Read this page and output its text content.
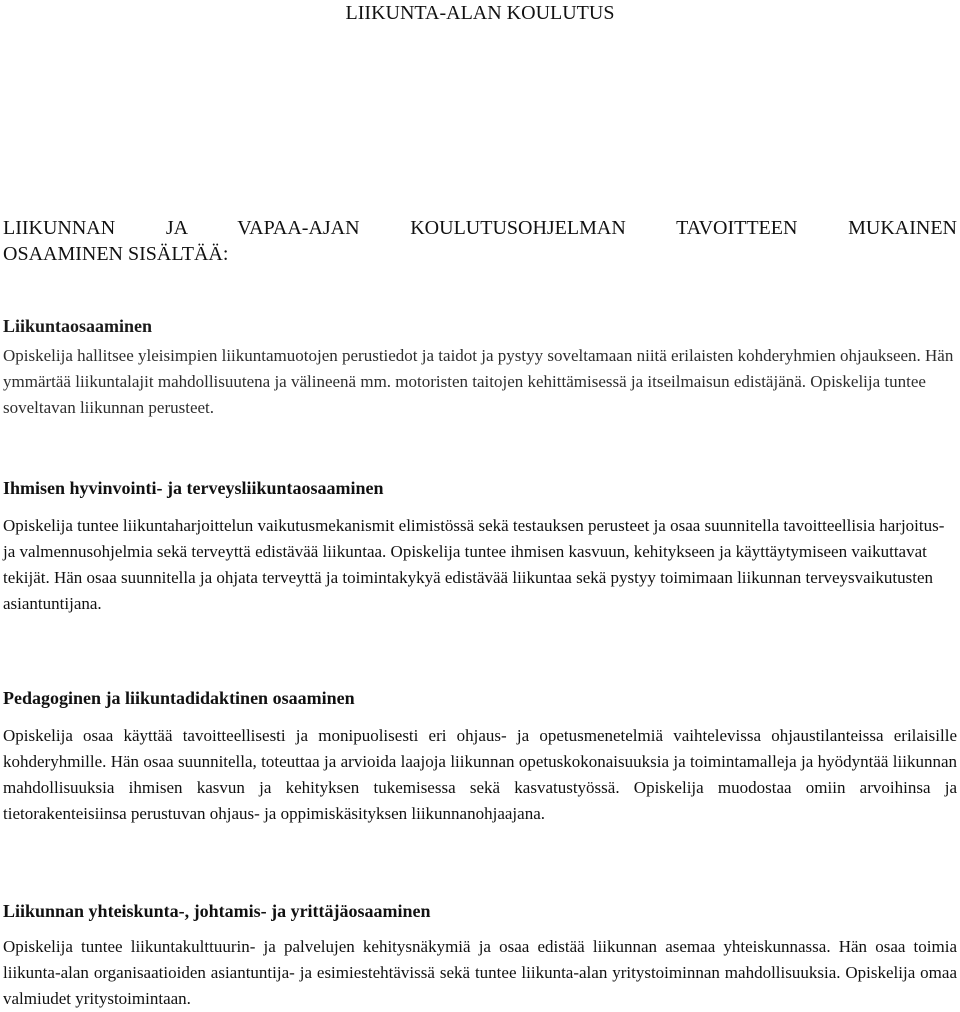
LIIKUNTA-ALAN KOULUTUS
LIIKUNNAN JA VAPAA-AJAN KOULUTUSOHJELMAN TAVOITTEEN MUKAINEN
OSAAMINEN SISÄLTÄÄ:
Liikuntaosaaminen

Opiskelija hallitsee yleisimpien liikuntamuotojen perustiedot ja taidot ja pystyy soveltamaan niitä erilaisten kohderyhmien ohjaukseen. Hän ymmärtää liikuntalajit mahdollisuutena ja välineenä mm. motoristen taitojen kehittämisessä ja itseilmaisun edistäjänä. Opiskelija tuntee soveltavan liikunnan perusteet.

Ihmisen hyvinvointi- ja terveysliikuntaosaaminen

Opiskelija tuntee liikuntaharjoittelun vaikutusmekanismit elimistössä sekä testauksen perusteet ja osaa suunnitella tavoitteellisia harjoitus- ja valmennusohjelmia sekä terveyttä edistävää liikuntaa. Opiskelija tuntee ihmisen kasvuun, kehitykseen ja käyttäytymiseen vaikuttavat tekijät. Hän osaa suunnitella ja ohjata terveyttä ja toimintakykyä edistävää liikuntaa sekä pystyy toimimaan liikunnan terveysvaikutusten asiantuntijana.

Pedagoginen ja liikuntadidaktinen osaaminen

Opiskelija osaa käyttää tavoitteellisesti ja monipuolisesti eri ohjaus- ja opetusmenetelmiä vaihtelevissa ohjaustilanteissa erilaisille kohderyhmille. Hän osaa suunnitella, toteuttaa ja arvioida laajoja liikunnan opetuskokonaisuuksia ja toimintamalleja ja hyödyntää liikunnan mahdollisuuksia ihmisen kasvun ja kehityksen tukemisessa sekä kasvatustyössä. Opiskelija muodostaa omiin arvoihinsa ja tietorakenteisiinsa perustuvan ohjaus- ja oppimiskäsityksen liikunnanohjaajana.

Liikunnan yhteiskunta-, johtamis- ja yrittäjäosaaminen

Opiskelija tuntee liikuntakulttuurin- ja palvelujen kehitysnäkymiä ja osaa edistää liikunnan asemaa yhteiskunnassa. Hän osaa toimia liikunta-alan organisaatioiden asiantuntija- ja esimiestehtävissä sekä tuntee liikunta-alan yritystoiminnan mahdollisuuksia. Opiskelija omaa valmiudet yritystoimintaan.
